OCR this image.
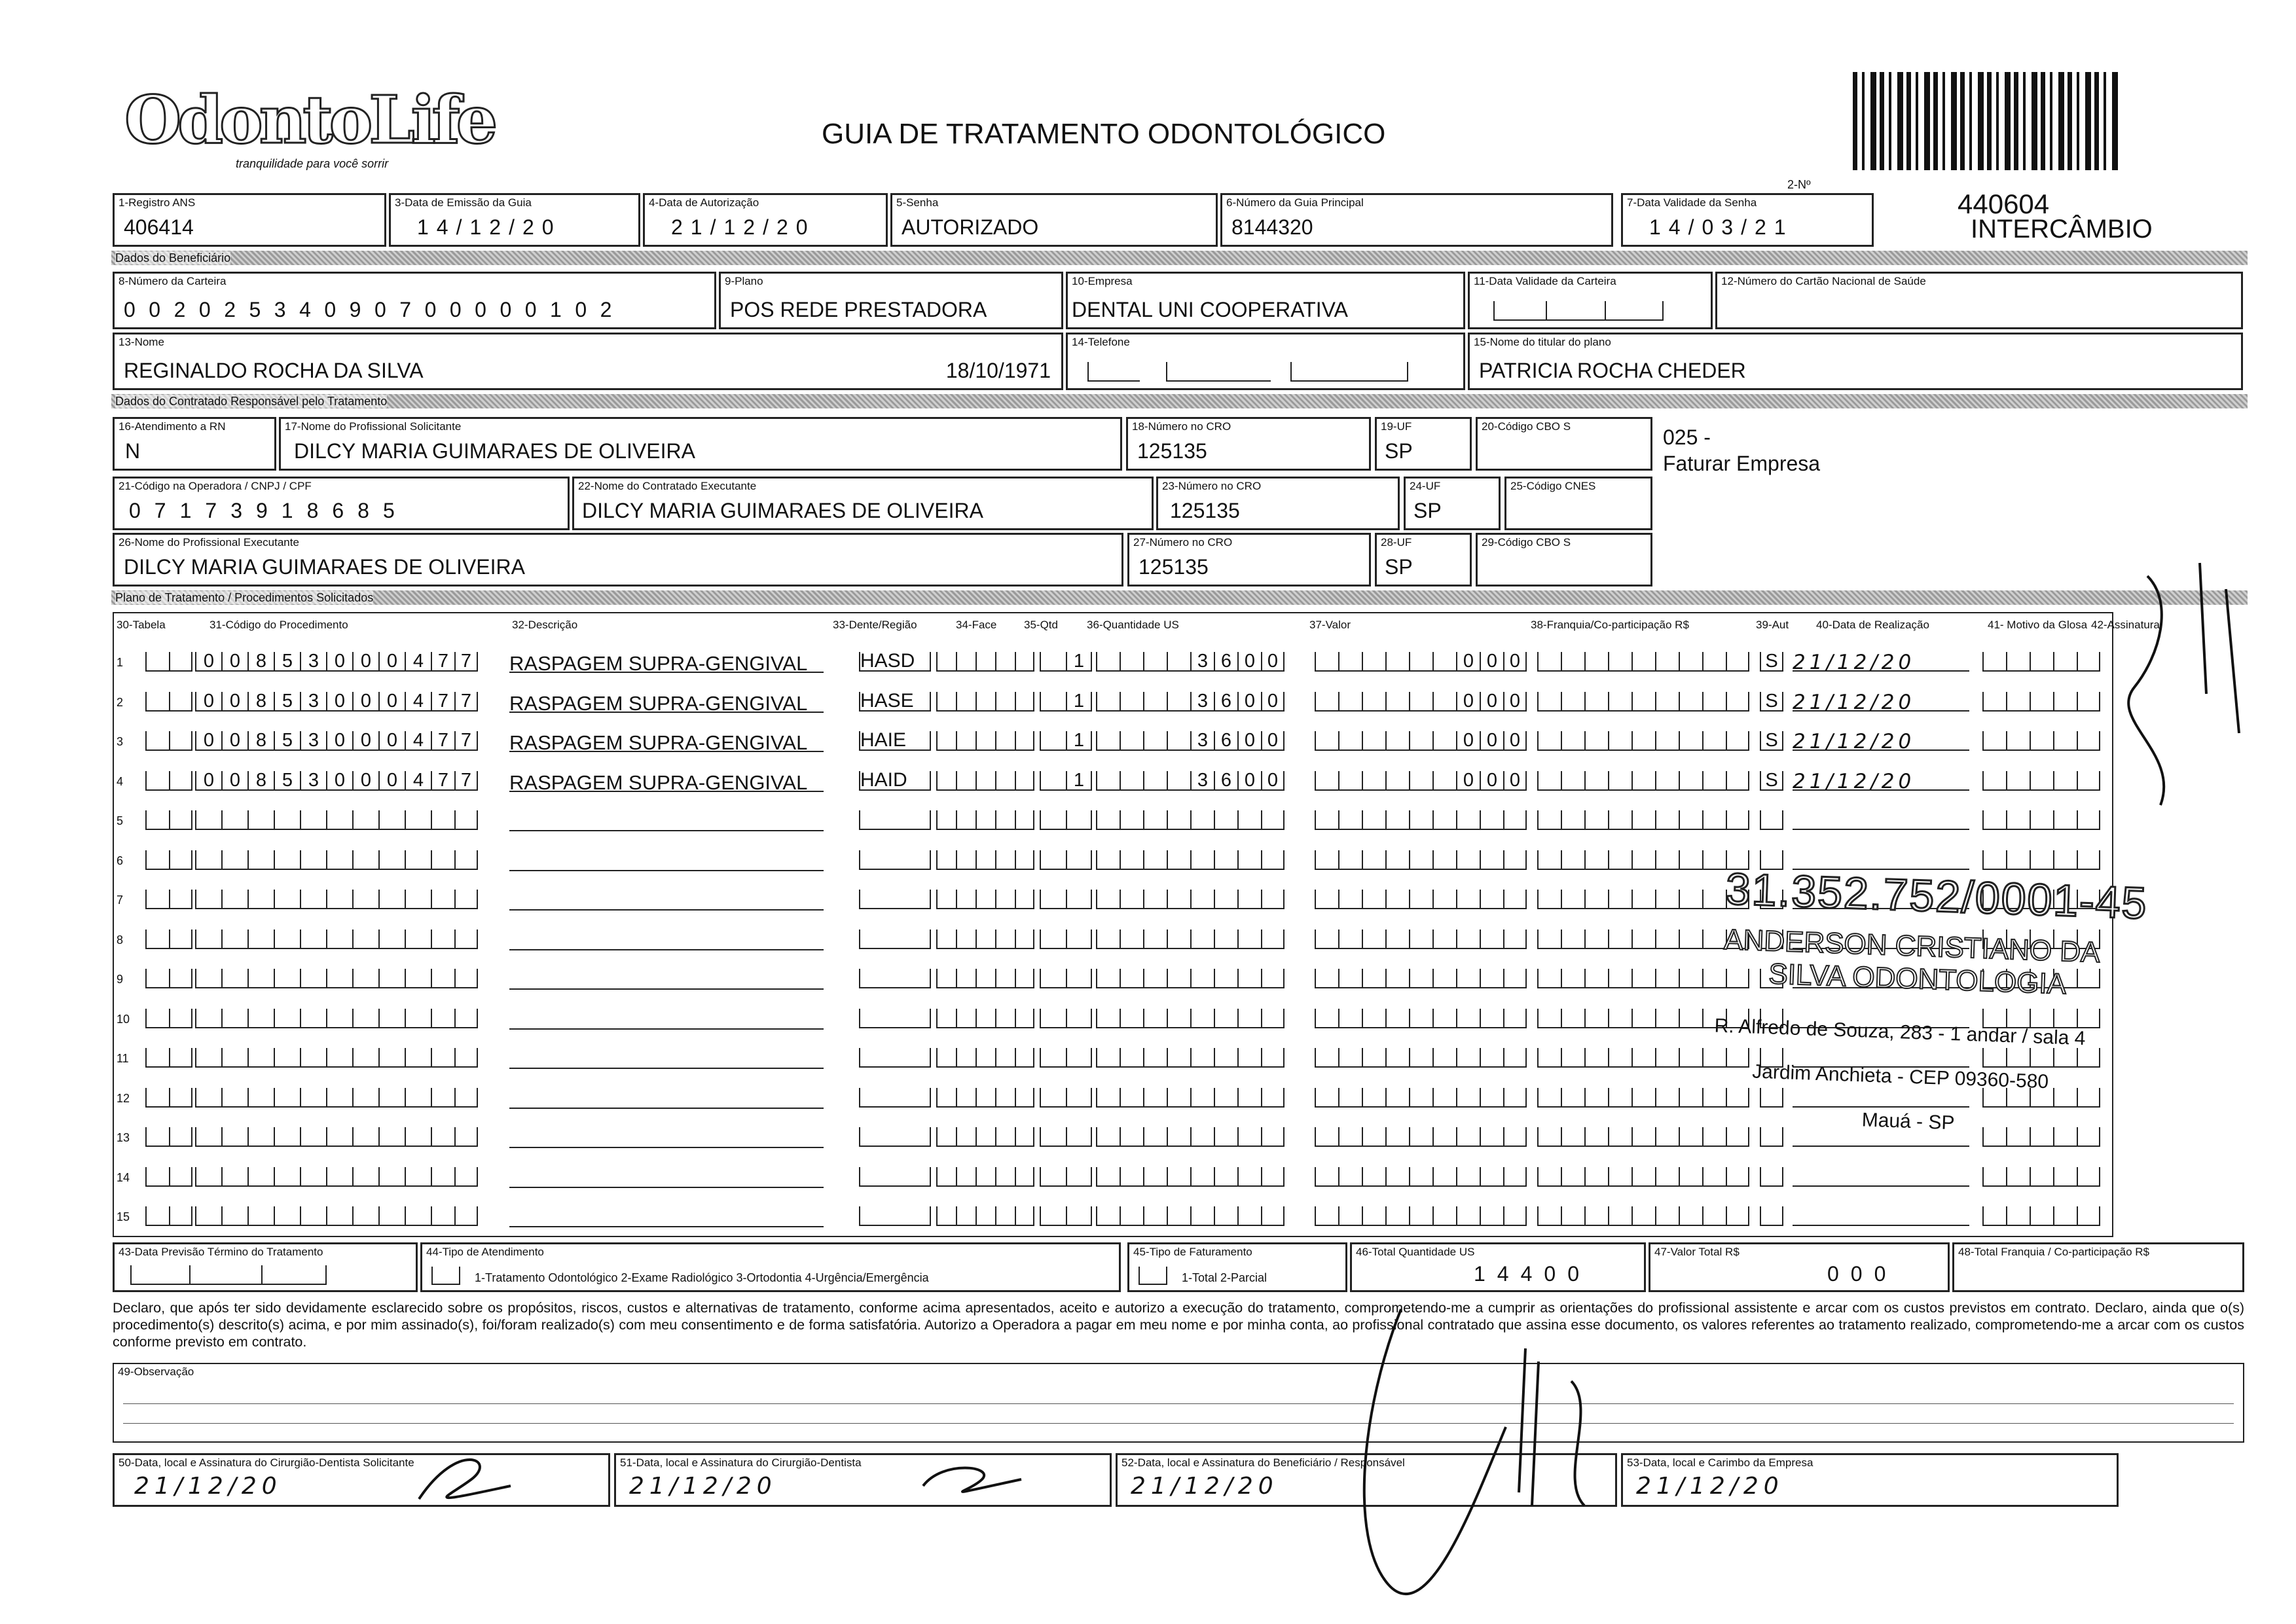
OdontoLife
tranquilidade para você sorrir
GUIA DE TRATAMENTO ODONTOLÓGICO
2-Nº
440604
INTERCÂMBIO
1-Registro ANS
406414
3-Data de Emissão da Guia
14/12/20
4-Data de Autorização
21/12/20
5-Senha
AUTORIZADO
6-Número da Guia Principal
8144320
7-Data Validade da Senha
14/03/21
Dados do Beneficiário
8-Número da Carteira
00202534090700000102
9-Plano
POS REDE PRESTADORA
10-Empresa
DENTAL UNI COOPERATIVA
11-Data Validade da Carteira	12-Número do Cartão Nacional de Saúde
13-Nome
REGINALDO ROCHA DA SILVA	18/10/1971
14-Telefone	15-Nome do titular do plano
PATRICIA ROCHA CHEDER
Dados do Contratado Responsável pelo Tratamento
16-Atendimento a RN
N
17-Nome do Profissional Solicitante
DILCY MARIA GUIMARAES DE OLIVEIRA
18-Número no CRO
125135
19-UF
SP
20-Código CBO S	025 -
Faturar Empresa
21-Código na Operadora / CNPJ / CPF
07173918685
22-Nome do Contratado Executante
DILCY MARIA GUIMARAES DE OLIVEIRA
23-Número no CRO
125135
24-UF
SP
25-Código CNES
26-Nome do Profissional Executante
DILCY MARIA GUIMARAES DE OLIVEIRA
27-Número no CRO
125135
28-UF
SP
29-Código CBO S
Plano de Tratamento / Procedimentos Solicitados
30-Tabela	31-Código do Procedimento	32-Descrição	33-Dente/Região	34-Face 35-Qtd	36-Quantidade US	37-Valor	38-Franquia/Co-participação R$	39-Aut 40-Data de Realização	41- Motivo da Glosa 42-Assinatura
1	0 0 8 5 3 0 0 0 4 7 7	RASPAGEM SUPRA-GENGIVAL	HASD	1	3 6 0 0	0 0 0	S 21/12/20
2	0 0 8 5 3 0 0 0 4 7 7	RASPAGEM SUPRA-GENGIVAL	HASE	1	3 6 0 0	0 0 0	S 21/12/20
3	0 0 8 5 3 0 0 0 4 7 7	RASPAGEM SUPRA-GENGIVAL	HAIE	1	3 6 0 0	0 0 0	S 21/12/20
4	0 0 8 5 3 0 0 0 4 7 7	RASPAGEM SUPRA-GENGIVAL	HAID	1	3 6 0 0	0 0 0	S 21/12/20
5
6
7
8
9
10
11
12
13
14
15
31.352.752/0001-45
ANDERSON CRISTIANO DA
SILVA ODONTOLOGIA
R. Alfredo de Souza, 283 - 1 andar / sala 4
Jardim Anchieta - CEP 09360-580
Mauá - SP
43-Data Previsão Término do Tratamento	44-Tipo de Atendimento
1-Tratamento Odontológico 2-Exame Radiológico 3-Ortodontia 4-Urgência/Emergência
45-Tipo de Faturamento
1-Total 2-Parcial
46-Total Quantidade US
14400
47-Valor Total R$
000
48-Total Franquia / Co-participação R$
Declaro, que após ter sido devidamente esclarecido sobre os propósitos, riscos, custos e alternativas de tratamento, conforme acima apresentados, aceito e autorizo a execução do tratamento, comprometendo-me a cumprir as orientações do profissional assistente e arcar com os custos previstos em contrato. Declaro, ainda que o(s) procedimento(s) descrito(s) acima, e por mim assinado(s), foi/foram realizado(s) com meu consentimento e de forma satisfatória. Autorizo a Operadora a pagar em meu nome e por minha conta, ao profissional contratado que assina esse documento, os valores referentes ao tratamento realizado, comprometendo-me a arcar com os custos conforme previsto em contrato.
49-Observação
50-Data, local e Assinatura do Cirurgião-Dentista Solicitante
21/12/20
51-Data, local e Assinatura do Cirurgião-Dentista
21/12/20
52-Data, local e Assinatura do Beneficiário / Responsável
21/12/20
53-Data, local e Carimbo da Empresa
21/12/20
